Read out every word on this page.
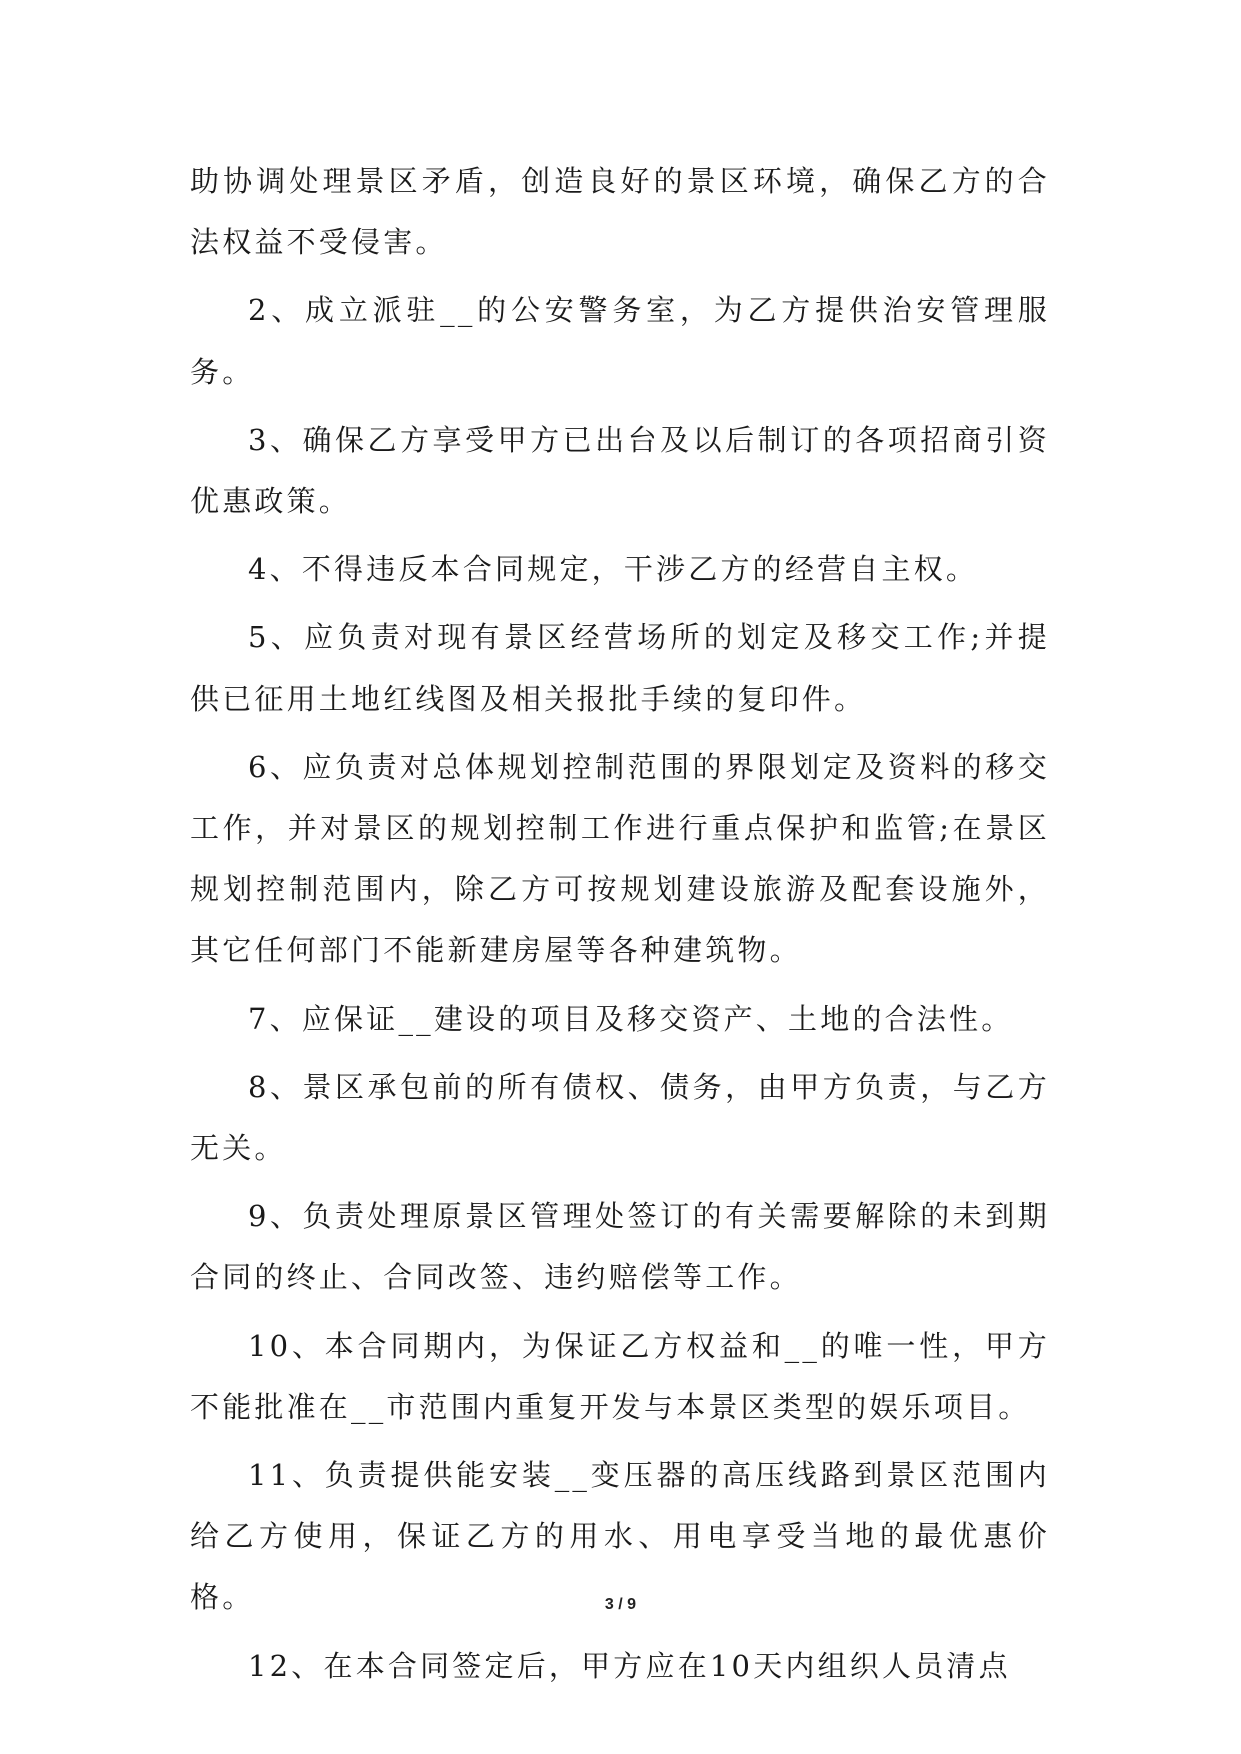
助协调处理景区矛盾，创造良好的景区环境，确保乙方的合法权益不受侵害。

2、成立派驻__的公安警务室，为乙方提供治安管理服务。

3、确保乙方享受甲方已出台及以后制订的各项招商引资优惠政策。

4、不得违反本合同规定，干涉乙方的经营自主权。

5、应负责对现有景区经营场所的划定及移交工作;并提供已征用土地红线图及相关报批手续的复印件。

6、应负责对总体规划控制范围的界限划定及资料的移交工作，并对景区的规划控制工作进行重点保护和监管;在景区规划控制范围内，除乙方可按规划建设旅游及配套设施外，其它任何部门不能新建房屋等各种建筑物。

7、应保证__建设的项目及移交资产、土地的合法性。

8、景区承包前的所有债权、债务，由甲方负责，与乙方无关。

9、负责处理原景区管理处签订的有关需要解除的未到期合同的终止、合同改签、违约赔偿等工作。

10、本合同期内，为保证乙方权益和__的唯一性，甲方不能批准在__市范围内重复开发与本景区类型的娱乐项目。

11、负责提供能安装__变压器的高压线路到景区范围内给乙方使用，保证乙方的用水、用电享受当地的最优惠价格。

12、在本合同签定后，甲方应在10天内组织人员清点

3 / 9
